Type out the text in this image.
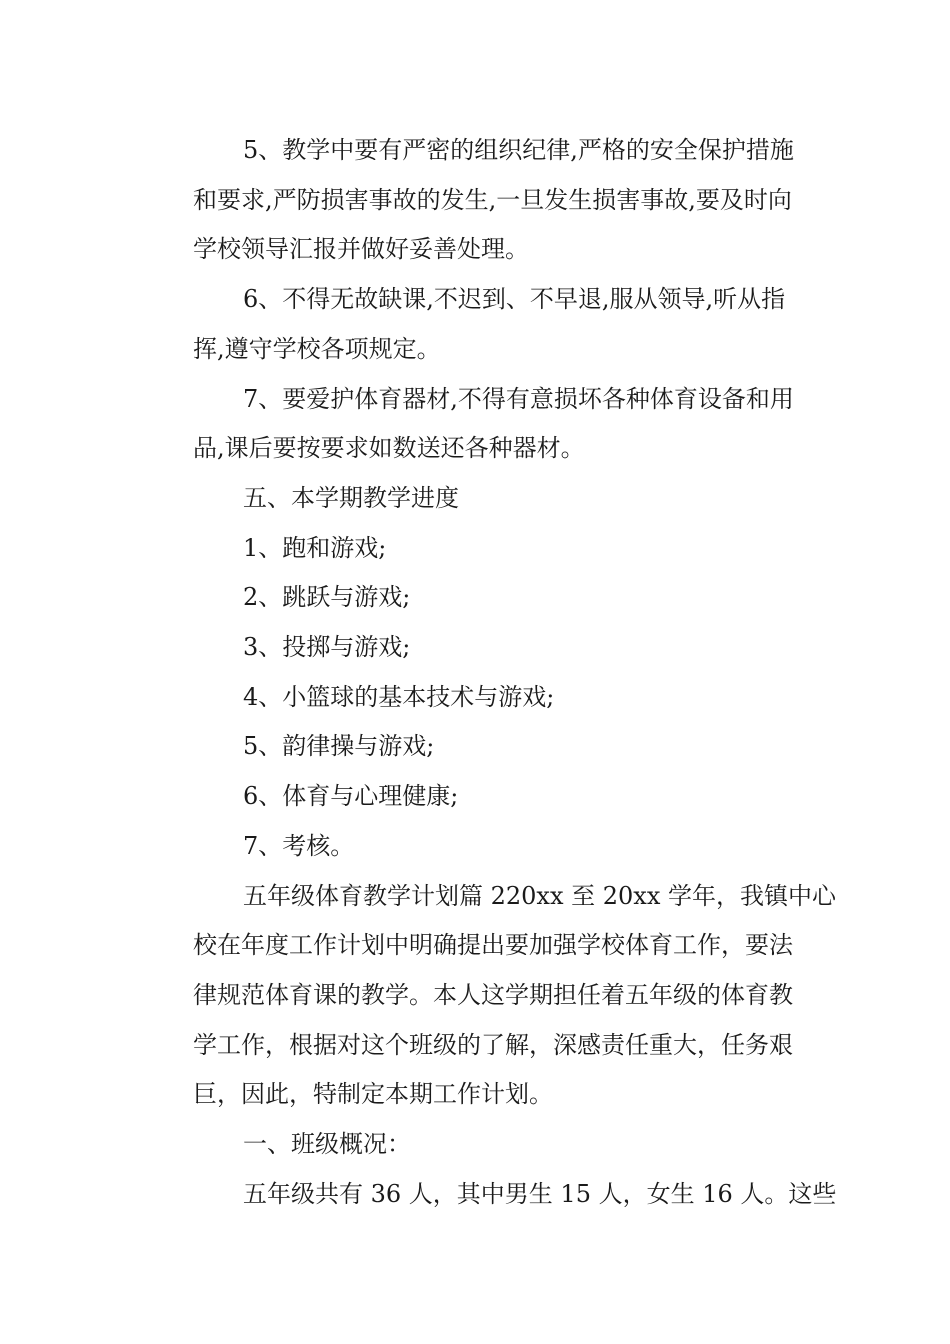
5、教学中要有严密的组织纪律,严格的安全保护措施
和要求,严防损害事故的发生,一旦发生损害事故,要及时向
学校领导汇报并做好妥善处理。

6、不得无故缺课,不迟到、不早退,服从领导,听从指
挥,遵守学校各项规定。

7、要爱护体育器材,不得有意损坏各种体育设备和用
品,课后要按要求如数送还各种器材。

五、本学期教学进度

1、跑和游戏;

2、跳跃与游戏;

3、投掷与游戏;

4、小篮球的基本技术与游戏;

5、韵律操与游戏;

6、体育与心理健康;

7、考核。

五年级体育教学计划篇 220xx 至 20xx 学年，我镇中心
校在年度工作计划中明确提出要加强学校体育工作，要法
律规范体育课的教学。本人这学期担任着五年级的体育教
学工作，根据对这个班级的了解，深感责任重大，任务艰
巨，因此，特制定本期工作计划。

一、班级概况：

五年级共有 36 人，其中男生 15 人，女生 16 人。这些
